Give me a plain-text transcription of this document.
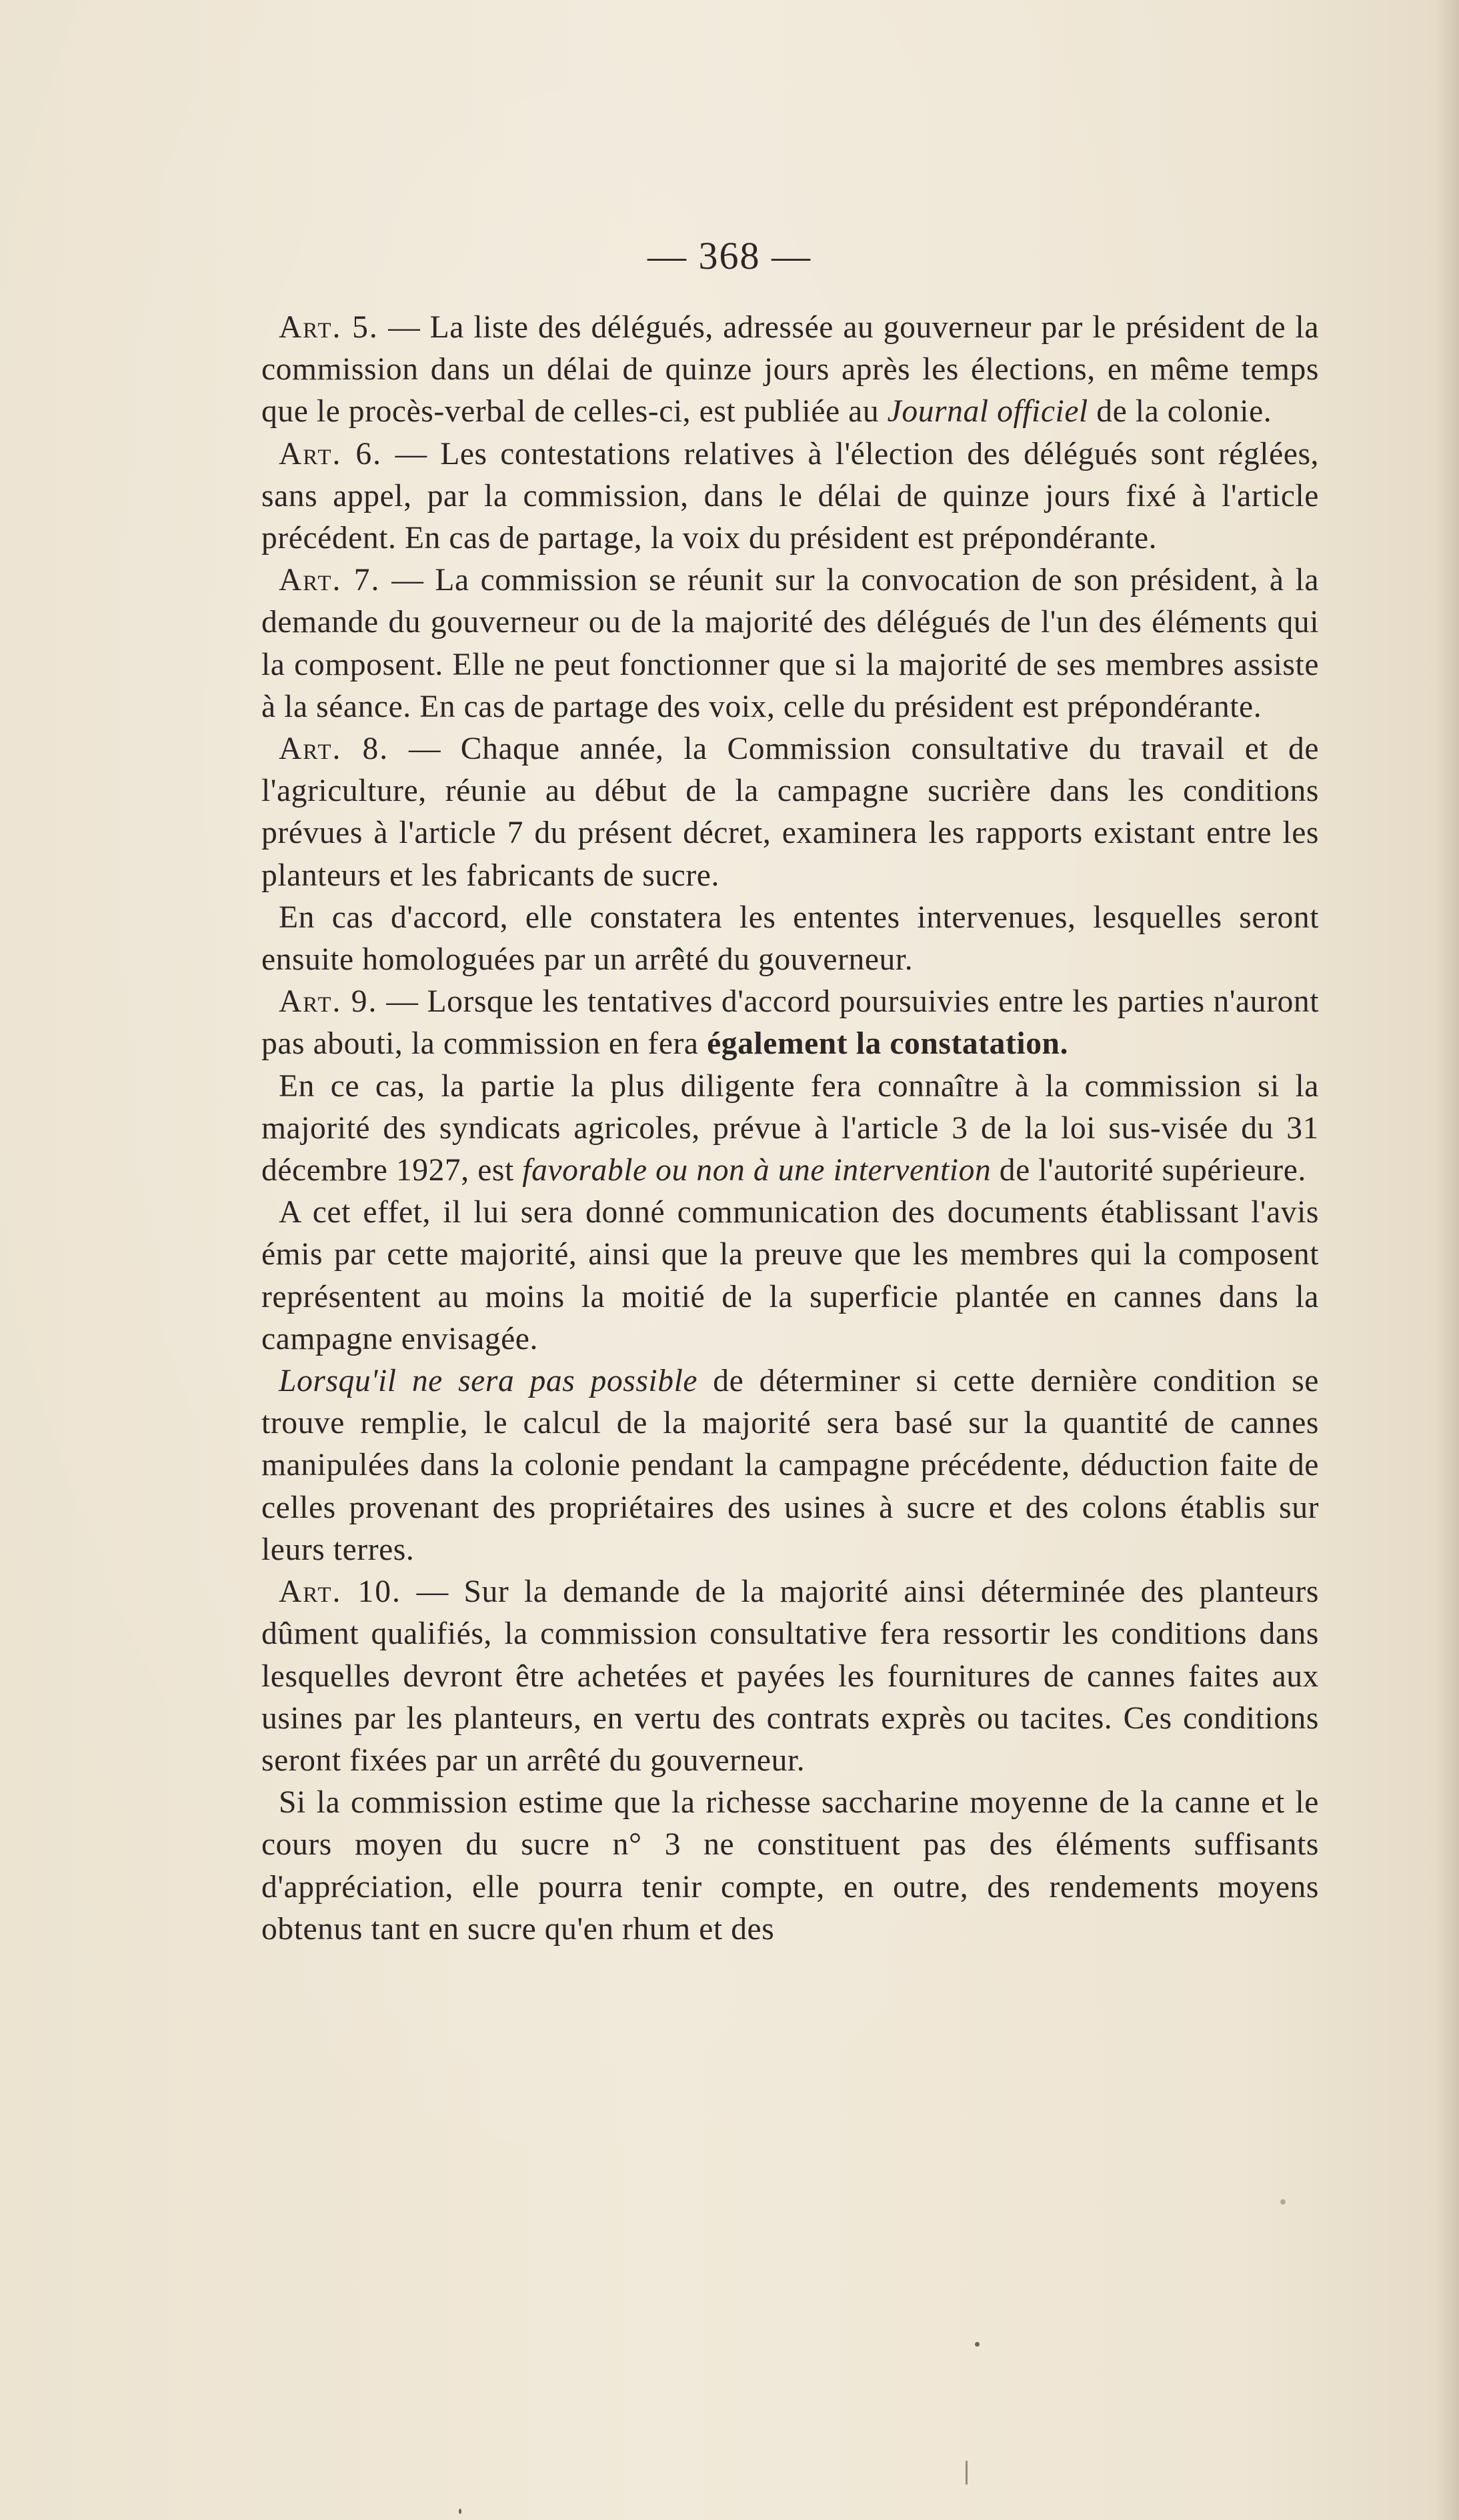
— 368 —

Art. 5. — La liste des délégués, adressée au gouverneur par le président de la commission dans un délai de quinze jours après les élections, en même temps que le procès-verbal de celles-ci, est publiée au Journal officiel de la colonie.

Art. 6. — Les contestations relatives à l'élection des délégués sont réglées, sans appel, par la commission, dans le délai de quinze jours fixé à l'article précédent. En cas de partage, la voix du président est prépondérante.

Art. 7. — La commission se réunit sur la convocation de son président, à la demande du gouverneur ou de la majorité des délégués de l'un des éléments qui la composent. Elle ne peut fonctionner que si la majorité de ses membres assiste à la séance. En cas de partage des voix, celle du président est prépondérante.

Art. 8. — Chaque année, la Commission consultative du travail et de l'agriculture, réunie au début de la campagne sucrière dans les conditions prévues à l'article 7 du présent décret, examinera les rapports existant entre les planteurs et les fabricants de sucre.

En cas d'accord, elle constatera les ententes intervenues, lesquelles seront ensuite homologuées par un arrêté du gouverneur.

Art. 9. — Lorsque les tentatives d'accord poursuivies entre les parties n'auront pas abouti, la commission en fera également la constatation.

En ce cas, la partie la plus diligente fera connaître à la commission si la majorité des syndicats agricoles, prévue à l'article 3 de la loi sus-visée du 31 décembre 1927, est favorable ou non à une intervention de l'autorité supérieure.

A cet effet, il lui sera donné communication des documents établissant l'avis émis par cette majorité, ainsi que la preuve que les membres qui la composent représentent au moins la moitié de la superficie plantée en cannes dans la campagne envisagée.

Lorsqu'il ne sera pas possible de déterminer si cette dernière condition se trouve remplie, le calcul de la majorité sera basé sur la quantité de cannes manipulées dans la colonie pendant la campagne précédente, déduction faite de celles provenant des propriétaires des usines à sucre et des colons établis sur leurs terres.

Art. 10. — Sur la demande de la majorité ainsi déterminée des planteurs dûment qualifiés, la commission consultative fera ressortir les conditions dans lesquelles devront être achetées et payées les fournitures de cannes faites aux usines par les planteurs, en vertu des contrats exprès ou tacites. Ces conditions seront fixées par un arrêté du gouverneur.

Si la commission estime que la richesse saccharine moyenne de la canne et le cours moyen du sucre n° 3 ne constituent pas des éléments suffisants d'appréciation, elle pourra tenir compte, en outre, des rendements moyens obtenus tant en sucre qu'en rhum et des
